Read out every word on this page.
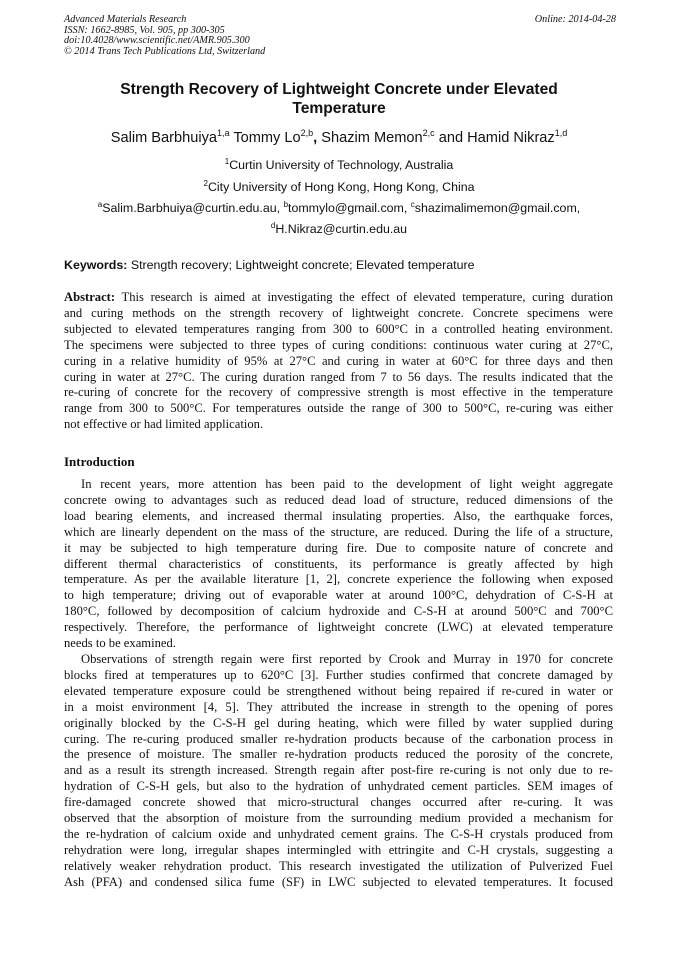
Advanced Materials Research
ISSN: 1662-8985, Vol. 905, pp 300-305
doi:10.4028/www.scientific.net/AMR.905.300
© 2014 Trans Tech Publications Ltd, Switzerland
Online: 2014-04-28
Strength Recovery of Lightweight Concrete under Elevated
Temperature
Salim Barbhuiya$^{1,a}$ Tommy Lo$^{2,b}$, Shazim Memon$^{2,c}$ and Hamid Nikraz$^{1,d}$
$^1$Curtin University of Technology, Australia
$^2$City University of Hong Kong, Hong Kong, China
$^a$Salim.Barbhuiya@curtin.edu.au, $^b$tommylo@gmail.com, $^c$shazimalimemon@gmail.com,
$^d$H.Nikraz@curtin.edu.au
Keywords: Strength recovery; Lightweight concrete; Elevated temperature
Abstract: This research is aimed at investigating the effect of elevated temperature, curing duration
and curing methods on the strength recovery of lightweight concrete. Concrete specimens were
subjected to elevated temperatures ranging from 300 to 600°C in a controlled heating environment.
The specimens were subjected to three types of curing conditions: continuous water curing at 27°C,
curing in a relative humidity of 95% at 27°C and curing in water at 60°C for three days and then
curing in water at 27°C. The curing duration ranged from 7 to 56 days. The results indicated that the
re-curing of concrete for the recovery of compressive strength is most effective in the temperature
range from 300 to 500°C. For temperatures outside the range of 300 to 500°C, re-curing was either
not effective or had limited application.
Introduction
In recent years, more attention has been paid to the development of light weight aggregate
concrete owing to advantages such as reduced dead load of structure, reduced dimensions of the
load bearing elements, and increased thermal insulating properties. Also, the earthquake forces,
which are linearly dependent on the mass of the structure, are reduced. During the life of a structure,
it may be subjected to high temperature during fire. Due to composite nature of concrete and
different thermal characteristics of constituents, its performance is greatly affected by high
temperature. As per the available literature [1, 2], concrete experience the following when exposed
to high temperature; driving out of evaporable water at around 100°C, dehydration of C-S-H at
180°C, followed by decomposition of calcium hydroxide and C-S-H at around 500°C and 700°C
respectively. Therefore, the performance of lightweight concrete (LWC) at elevated temperature
needs to be examined.
Observations of strength regain were first reported by Crook and Murray in 1970 for concrete
blocks fired at temperatures up to 620°C [3]. Further studies confirmed that concrete damaged by
elevated temperature exposure could be strengthened without being repaired if re-cured in water or
in a moist environment [4, 5]. They attributed the increase in strength to the opening of pores
originally blocked by the C-S-H gel during heating, which were filled by water supplied during
curing. The re-curing produced smaller re-hydration products because of the carbonation process in
the presence of moisture. The smaller re-hydration products reduced the porosity of the concrete,
and as a result its strength increased. Strength regain after post-fire re-curing is not only due to re-
hydration of C-S-H gels, but also to the hydration of unhydrated cement particles. SEM images of
fire-damaged concrete showed that micro-structural changes occurred after re-curing. It was
observed that the absorption of moisture from the surrounding medium provided a mechanism for
the re-hydration of calcium oxide and unhydrated cement grains. The C-S-H crystals produced from
rehydration were long, irregular shapes intermingled with ettringite and C-H crystals, suggesting a
relatively weaker rehydration product. This research investigated the utilization of Pulverized Fuel
Ash (PFA) and condensed silica fume (SF) in LWC subjected to elevated temperatures. It focused
